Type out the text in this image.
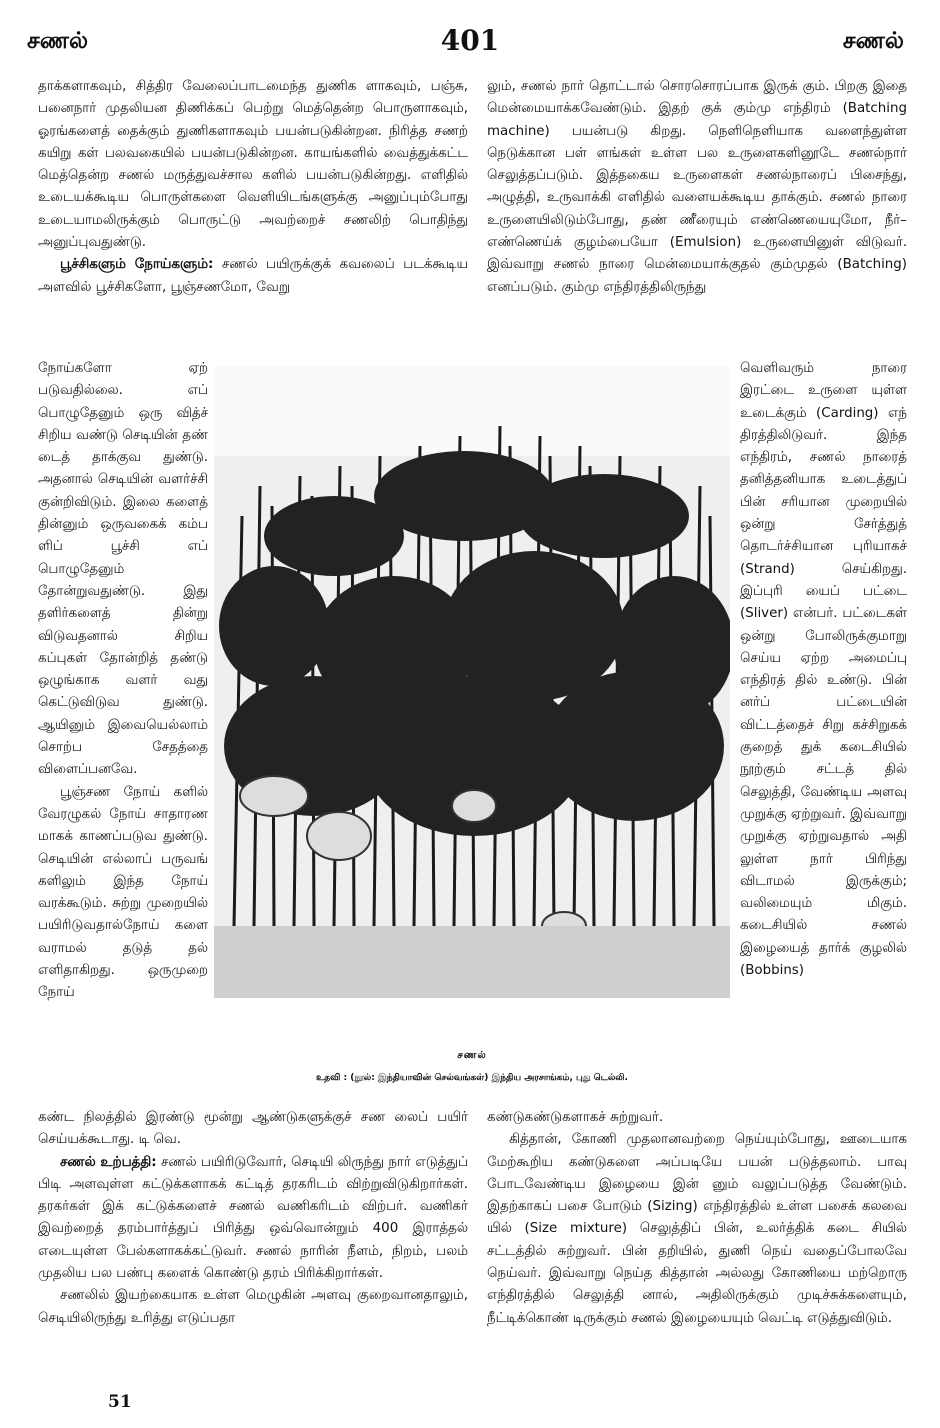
சணல்	401	சணல்

தாக்களாகவும், சித்திர வேலைப்பாடமைந்த துணிக ளாகவும், பஞ்சு, பனைநார் முதலியன திணிக்கப் பெற்று மெத்தென்ற பொருளாகவும், ஓரங்களைத் தைக்கும் துணிகளாகவும் பயன்படுகின்றன. நிரித்த சணற் கயிறு கள் பலவகையில் பயன்படுகின்றன. காயங்களில் வைத்துக்கட்ட மெத்தென்ற சணல் மருத்துவச்சால களில் பயன்படுகின்றது. எளிதில் உடையக்கூடிய பொருள்களை வெளியிடங்களுக்கு அனுப்பும்போது உடையாமலிருக்கும் பொருட்டு அவற்றைச் சணலிற் பொதிந்து அனுப்புவதுண்டு.

பூச்சிகளும் நோய்களும்: சணல் பயிருக்குக் கவலைப் படக்கூடிய அளவில் பூச்சிகளோ, பூஞ்சணமோ, வேறு

லும், சணல் நார் தொட்டால் சொரசொரப்பாக இருக் கும். பிறகு இதை மென்மையாக்கவேண்டும். இதற் குக் கும்மு எந்திரம் (Batching machine) பயன்படு கிறது. நெளிநெளியாக வளைந்துள்ள நெடுக்கான பள் ளங்கள் உள்ள பல உருளைகளினூடே சணல்நார் செலுத்தப்படும். இத்தகைய உருளைகள் சணல்நாரைப் பிசைந்து, அழுத்தி, உருவாக்கி எளிதில் வளையக்கூடிய தாக்கும். சணல் நாரை உருளையிலிடும்போது, தண் ணீரையும் எண்ணெயையுமோ, நீர்–எண்ணெய்க் குழம்பையோ (Emulsion) உருளையினுள் விடுவர். இவ்வாறு சணல் நாரை மென்மையாக்குதல் கும்முதல் (Batching) எனப்படும். கும்மு எந்திரத்திலிருந்து

நோய்களோ ஏற் படுவதில்லை. எப் பொழுதேனும் ஒரு வித்ச் சிறிய வண்டு செடியின் தண் டைத் தாக்குவ துண்டு. அதனால் செடியின் வளர்ச்சி குன்றிவிடும். இலை களைத் தின்னும் ஒருவகைக் கம்ப ளிப் பூச்சி எப் பொழுதேனும் தோன்றுவதுண்டு. இது தளிர்களைத் தின்று விடுவதனால் சிறிய கப்புகள் தோன்றித் தண்டு ஒழுங்காக வளர் வது கெட்டுவிடுவ துண்டு. ஆயினும் இவையெல்லாம் சொற்ப சேதத்தை விளைப்பனவே.

பூஞ்சண நோய் களில் வேரழுகல் நோய் சாதாரண மாகக் காணப்படுவ துண்டு. செடியின் எல்லாப் பருவங் களிலும் இந்த நோய் வரக்கூடும். சுற்று முறையில் பயிரிடுவதால்நோய் களை வராமல் தடுத் தல் எளிதாகிறது. ஒருமுறை நோய்

வெளிவரும் நாரை இரட்டை உருளை யுள்ள உடைக்கும் (Carding) எந் திரத்திலிடுவர். இந்த எந்திரம், சணல் நாரைத் தனித்தனியாக உடைத்துப் பின் சரியான முறையில் ஒன்று சேர்த்துத் தொடர்ச்சியான புரியாகச் (Strand) செய்கிறது. இப்புரி யைப் பட்டை (Sliver) என்பர். பட்டைகள் ஒன்று போலிருக்குமாறு செய்ய ஏற்ற அமைப்பு எந்திரத் தில் உண்டு. பின் னர்ப் பட்டையின் விட்டத்தைச் சிறு கச்சிறுகக் குறைத் துக் கடைசியில் நூற்கும் சட்டத் தில் செலுத்தி, வேண்டிய அளவு முறுக்கு ஏற்றுவர். இவ்வாறு முறுக்கு ஏற்றுவதால் அதி லுள்ள நார் பிரிந்து விடாமல் இருக்கும்; வலிமையும் மிகும். கடைசியில் சணல் இழையைத் தார்க் குழலில் (Bobbins)

சணல்
உதவி : (நூல்: இந்தியாவின் செல்வங்கள்) இந்திய அரசாங்கம், புது டெல்லி.

கண்ட நிலத்தில் இரண்டு மூன்று ஆண்டுகளுக்குச் சண லைப் பயிர் செய்யக்கூடாது. டி வெ.

சணல் உற்பத்தி: சணல் பயிரிடுவோர், செடியி லிருந்து நார் எடுத்துப் பிடி அளவுள்ள கட்டுக்களாகக் கட்டித் தரகரிடம் விற்றுவிடுகிறார்கள். தரகர்கள் இக் கட்டுக்களைச் சணல் வணிகரிடம் விற்பர். வணிகர் இவற்றைத் தரம்பார்த்துப் பிரித்து ஒவ்வொன்றும் 400 இராத்தல் எடையுள்ள பேல்களாகக்கட்டுவர். சணல் நாரின் நீளம், நிறம், பலம் முதலிய பல பண்பு களைக் கொண்டு தரம் பிரிக்கிறார்கள்.

சணலில் இயற்கையாக உள்ள மெழுகின் அளவு குறைவானதாலும், செடியிலிருந்து உரித்து எடுப்பதா

கண்டுகண்டுகளாகச் சுற்றுவர்.

கித்தான், கோணி முதலானவற்றை நெய்யும்போது, ஊடையாக மேற்கூறிய கண்டுகளை அப்படியே பயன் படுத்தலாம். பாவு போடவேண்டிய இழையை இன் னும் வலுப்படுத்த வேண்டும். இதற்காகப் பசை போடும் (Sizing) எந்திரத்தில் உள்ள பசைக் கலவை யில் (Size mixture) செலுத்திப் பின், உலர்த்திக் கடை சியில் சட்டத்தில் சுற்றுவர். பின் தறியில், துணி நெய் வதைப்போலவே நெய்வர். இவ்வாறு நெய்த கித்தான் அல்லது கோணியை மற்றொரு எந்திரத்தில் செலுத்தி னால், அதிலிருக்கும் முடிச்சுக்களையும், நீட்டிக்கொண் டிருக்கும் சணல் இழையையும் வெட்டி எடுத்துவிடும்.

51
